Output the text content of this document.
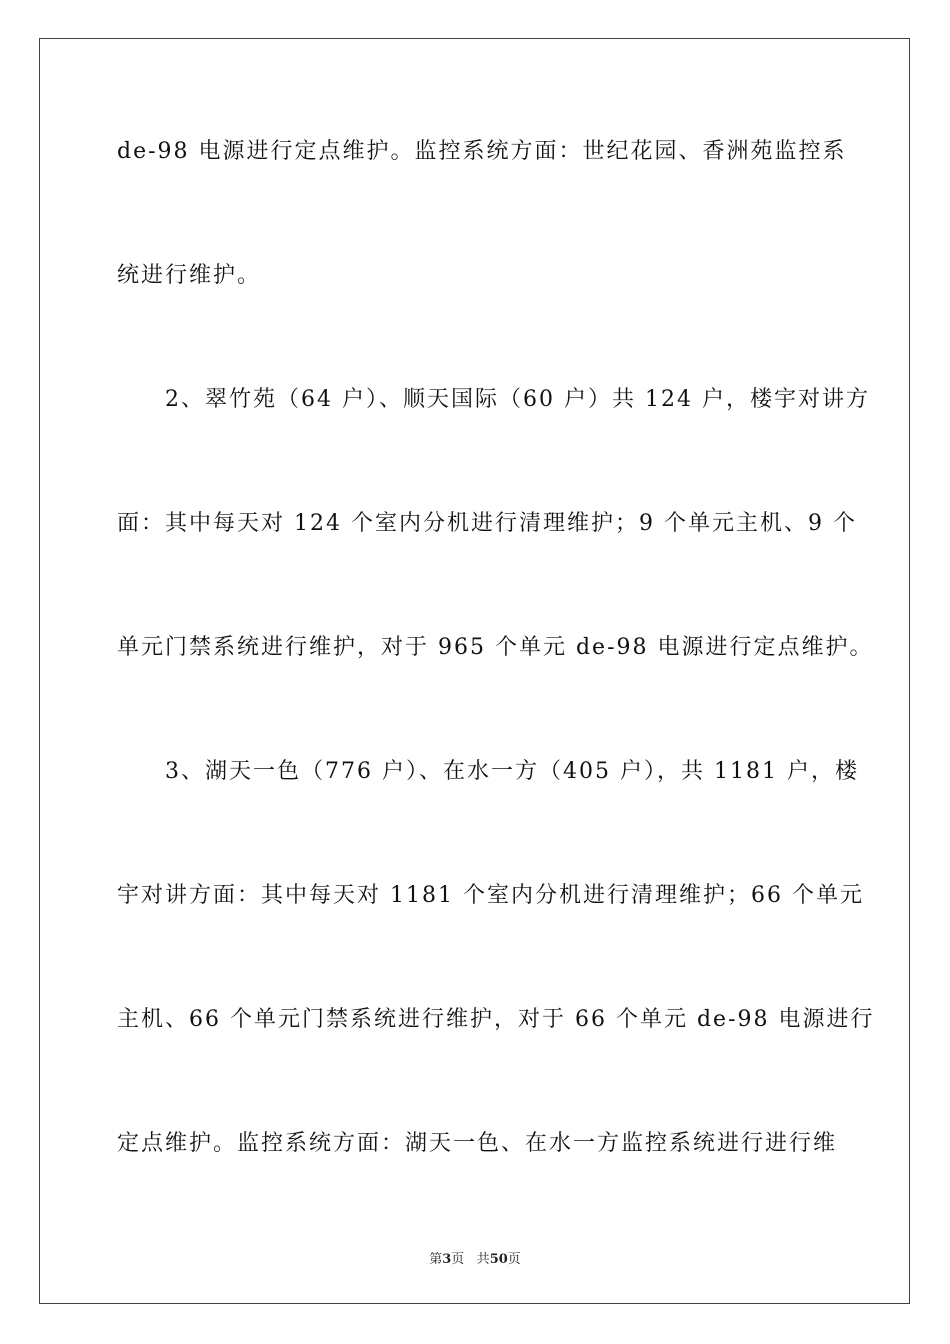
de-98 电源进行定点维护。监控系统方面：世纪花园、香洲苑监控系
统进行维护。
　　2、翠竹苑（64 户）、顺天国际（60 户）共 124 户，楼宇对讲方
面：其中每天对 124 个室内分机进行清理维护；9 个单元主机、9 个
单元门禁系统进行维护，对于 965 个单元 de-98 电源进行定点维护。
　　3、湖天一色（776 户）、在水一方（405 户），共 1181 户，楼
宇对讲方面：其中每天对 1181 个室内分机进行清理维护；66 个单元
主机、66 个单元门禁系统进行维护，对于 66 个单元 de-98 电源进行
定点维护。监控系统方面：湖天一色、在水一方监控系统进行进行维
第3页 共50页
